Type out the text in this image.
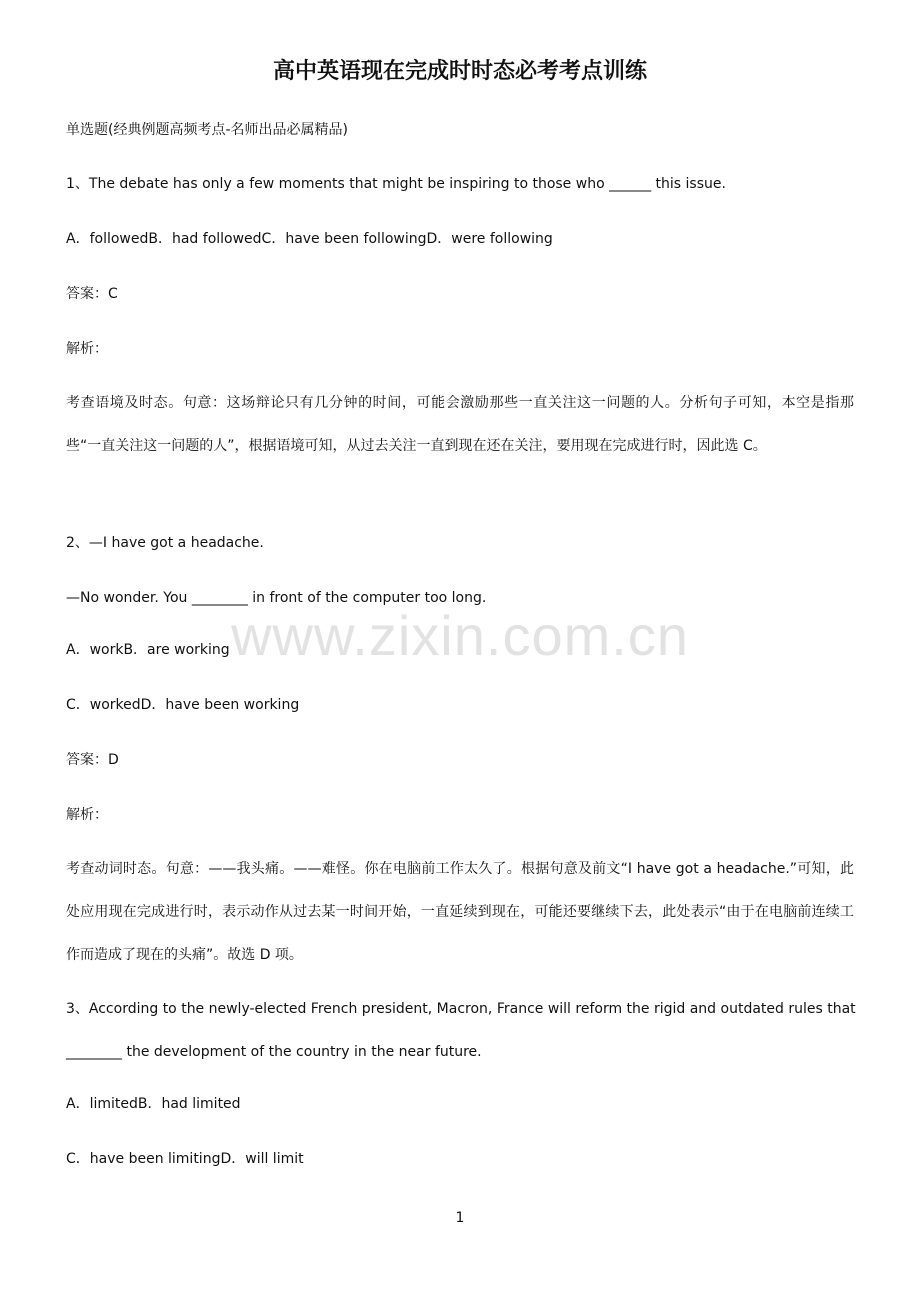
高中英语现在完成时时态必考考点训练
单选题(经典例题高频考点-名师出品必属精品)
1、The debate has only a few moments that might be inspiring to those who ______ this issue.
A．followedB．had followedC．have been followingD．were following
答案：C
解析：
考查语境及时态。句意：这场辩论只有几分钟的时间，可能会激励那些一直关注这一问题的人。分析句子可知，本空是指那些“一直关注这一问题的人”，根据语境可知，从过去关注一直到现在还在关注，要用现在完成进行时，因此选 C。
2、—I have got a headache.
—No wonder. You ________ in front of the computer too long.
A．workB．are working
C．workedD．have been working
答案：D
解析：
考查动词时态。句意：——我头痛。——难怪。你在电脑前工作太久了。根据句意及前文“I have got a headache.”可知，此处应用现在完成进行时，表示动作从过去某一时间开始，一直延续到现在，可能还要继续下去，此处表示“由于在电脑前连续工作而造成了现在的头痛”。故选 D 项。
3、According to the newly-elected French president, Macron, France will reform the rigid and outdated rules that
________ the development of the country in the near future.
A．limitedB．had limited
C．have been limitingD．will limit
www.zixin.com.cn
1
